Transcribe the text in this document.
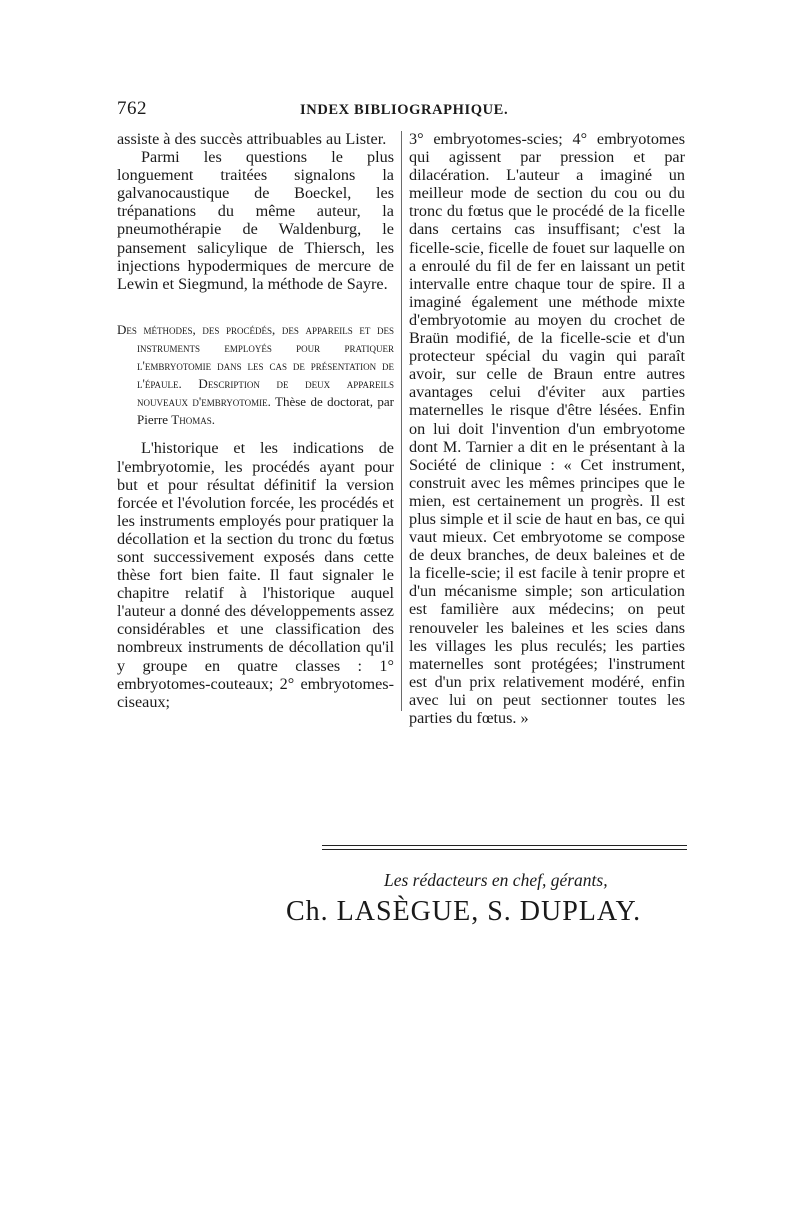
762	INDEX BIBLIOGRAPHIQUE.

assiste à des succès attribuables au Lister.

Parmi les questions le plus longuement traitées signalons la galvanocaustique de Boeckel, les trépanations du même auteur, la pneumothérapie de Waldenburg, le pansement salicylique de Thiersch, les injections hypodermiques de mercure de Lewin et Siegmund, la méthode de Sayre.

Des méthodes, des procédés, des appareils et des instruments employés pour pratiquer l'embryotomie dans les cas de présentation de l'épaule. Description de deux appareils nouveaux d'embryotomie. Thèse de doctorat, par Pierre Thomas.

L'historique et les indications de l'embryotomie, les procédés ayant pour but et pour résultat définitif la version forcée et l'évolution forcée, les procédés et les instruments employés pour pratiquer la décollation et la section du tronc du fœtus sont successivement exposés dans cette thèse fort bien faite. Il faut signaler le chapitre relatif à l'historique auquel l'auteur a donné des développements assez considérables et une classification des nombreux instruments de décollation qu'il y groupe en quatre classes : 1° embryotomes-couteaux; 2° embryotomes-ciseaux;

3° embryotomes-scies; 4° embryotomes qui agissent par pression et par dilacération. L'auteur a imaginé un meilleur mode de section du cou ou du tronc du fœtus que le procédé de la ficelle dans certains cas insuffisant; c'est la ficelle-scie, ficelle de fouet sur laquelle on a enroulé du fil de fer en laissant un petit intervalle entre chaque tour de spire. Il a imaginé également une méthode mixte d'embryotomie au moyen du crochet de Braün modifié, de la ficelle-scie et d'un protecteur spécial du vagin qui paraît avoir, sur celle de Braun entre autres avantages celui d'éviter aux parties maternelles le risque d'être lésées. Enfin on lui doit l'invention d'un embryotome dont M. Tarnier a dit en le présentant à la Société de clinique : « Cet instrument, construit avec les mêmes principes que le mien, est certainement un progrès. Il est plus simple et il scie de haut en bas, ce qui vaut mieux. Cet embryotome se compose de deux branches, de deux baleines et de la ficelle-scie; il est facile à tenir propre et d'un mécanisme simple; son articulation est familière aux médecins; on peut renouveler les baleines et les scies dans les villages les plus reculés; les parties maternelles sont protégées; l'instrument est d'un prix relativement modéré, enfin avec lui on peut sectionner toutes les parties du fœtus. »

Les rédacteurs en chef, gérants,
Ch. LASÈGUE, S. DUPLAY.
